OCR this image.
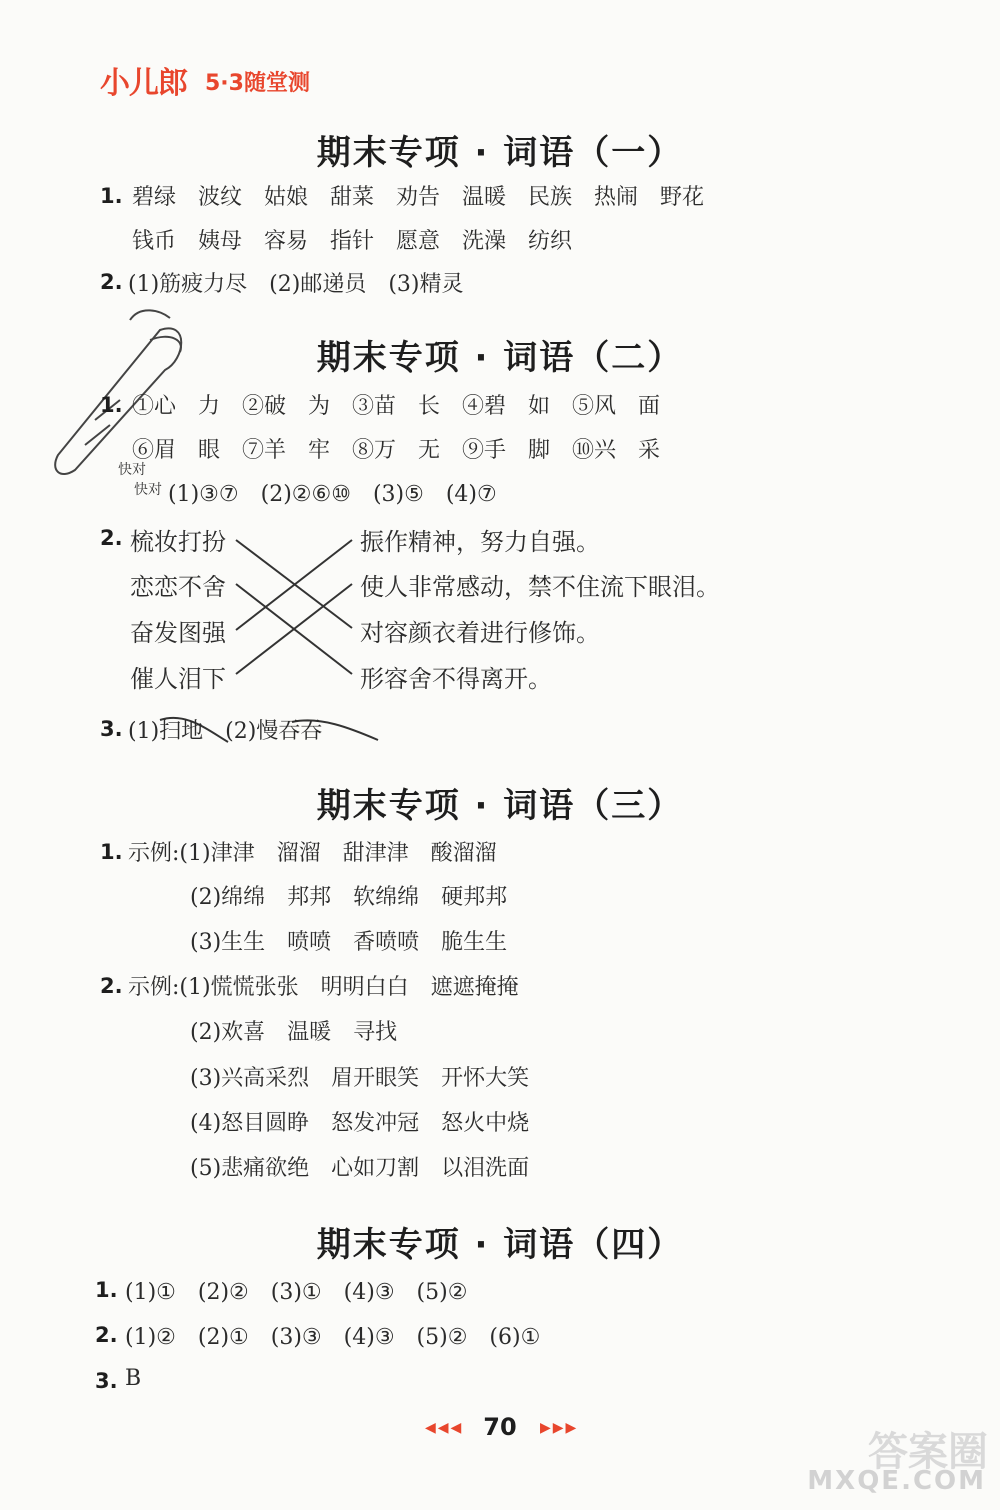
小儿郎 5·3随堂测
期末专项 · 词语（一）
1. 碧绿　波纹　姑娘　甜菜　劝告　温暖　民族　热闹　野花
钱币　姨母　容易　指针　愿意　洗澡　纺织
2. (1)筋疲力尽　(2)邮递员　(3)精灵
期末专项 · 词语（二）
1. ①心　力　②破　为　③苗　长　④碧　如　⑤风　面
⑥眉　眼　⑦羊　牢　⑧万　无　⑨手　脚　⑩兴　采
快对
快对 (1)③⑦　(2)②⑥⑩　(3)⑤　(4)⑦
2. 梳妆打扮
恋恋不舍
奋发图强
催人泪下
振作精神，努力自强。
使人非常感动，禁不住流下眼泪。
对容颜衣着进行修饰。
形容舍不得离开。
3. (1)扫地　(2)慢吞吞
期末专项 · 词语（三）
1. 示例:(1)津津　溜溜　甜津津　酸溜溜
(2)绵绵　邦邦　软绵绵　硬邦邦
(3)生生　喷喷　香喷喷　脆生生
2. 示例:(1)慌慌张张　明明白白　遮遮掩掩
(2)欢喜　温暖　寻找
(3)兴高采烈　眉开眼笑　开怀大笑
(4)怒目圆睁　怒发冲冠　怒火中烧
(5)悲痛欲绝　心如刀割　以泪洗面
期末专项 · 词语（四）
1. (1)①　(2)②　(3)①　(4)③　(5)②
2. (1)②　(2)①　(3)③　(4)③　(5)②　(6)①
3. B
◀◀◀ 70	▶▶▶
答案圈
MXQE.COM
